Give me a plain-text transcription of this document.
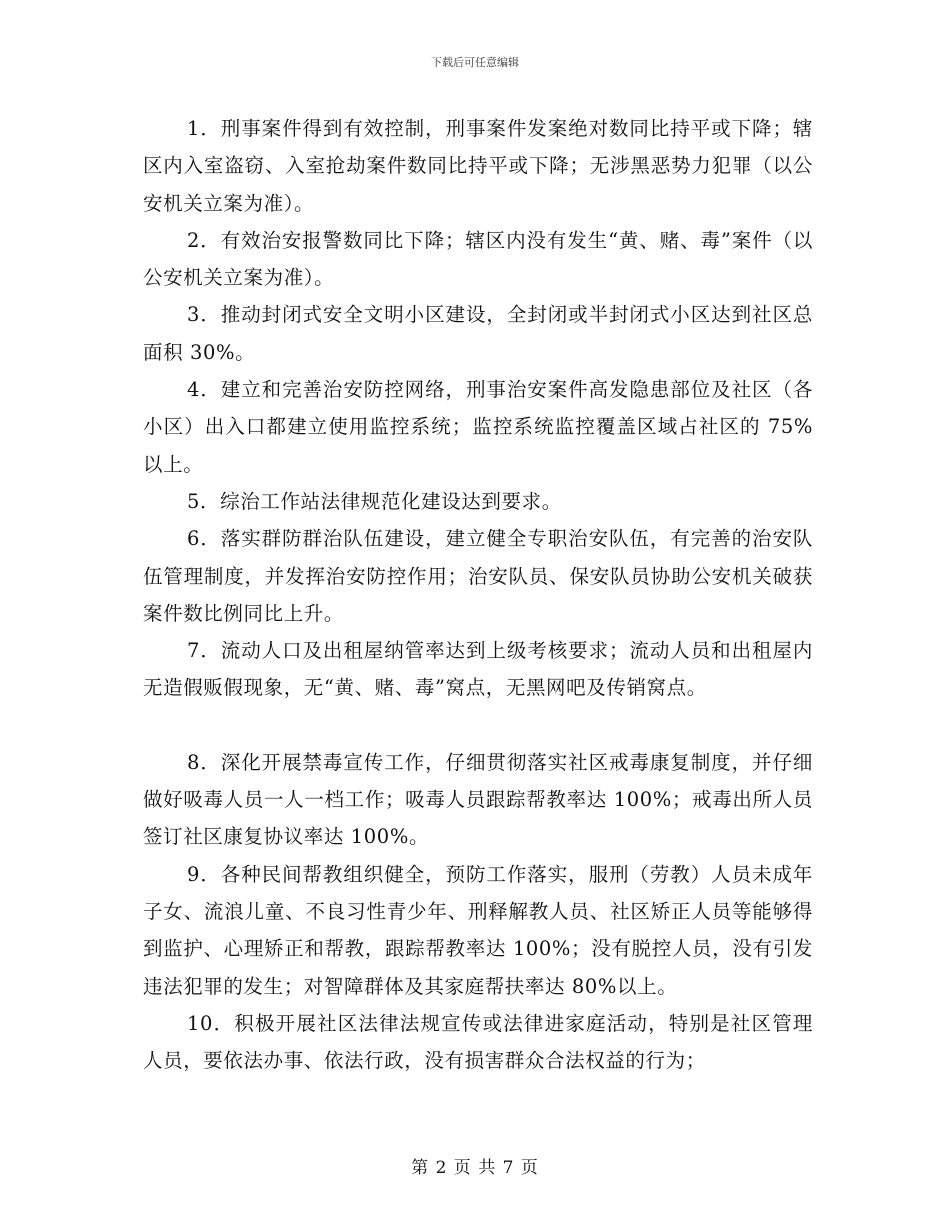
下载后可任意编辑

1．刑事案件得到有效控制，刑事案件发案绝对数同比持平或下降；辖区内入室盗窃、入室抢劫案件数同比持平或下降；无涉黑恶势力犯罪（以公安机关立案为准）。

2．有效治安报警数同比下降；辖区内没有发生“黄、赌、毒”案件（以公安机关立案为准）。

3．推动封闭式安全文明小区建设，全封闭或半封闭式小区达到社区总面积 30%。

4．建立和完善治安防控网络，刑事治安案件高发隐患部位及社区（各小区）出入口都建立使用监控系统；监控系统监控覆盖区域占社区的 75%以上。

5．综治工作站法律规范化建设达到要求。

6．落实群防群治队伍建设，建立健全专职治安队伍，有完善的治安队伍管理制度，并发挥治安防控作用；治安队员、保安队员协助公安机关破获案件数比例同比上升。

7．流动人口及出租屋纳管率达到上级考核要求；流动人员和出租屋内无造假贩假现象，无“黄、赌、毒”窝点，无黑网吧及传销窝点。

8．深化开展禁毒宣传工作，仔细贯彻落实社区戒毒康复制度，并仔细做好吸毒人员一人一档工作；吸毒人员跟踪帮教率达 100%；戒毒出所人员签订社区康复协议率达 100%。

9．各种民间帮教组织健全，预防工作落实，服刑（劳教）人员未成年子女、流浪儿童、不良习性青少年、刑释解教人员、社区矫正人员等能够得到监护、心理矫正和帮教，跟踪帮教率达 100%；没有脱控人员，没有引发违法犯罪的发生；对智障群体及其家庭帮扶率达 80%以上。

10．积极开展社区法律法规宣传或法律进家庭活动，特别是社区管理人员，要依法办事、依法行政，没有损害群众合法权益的行为；

第 2 页 共 7 页
